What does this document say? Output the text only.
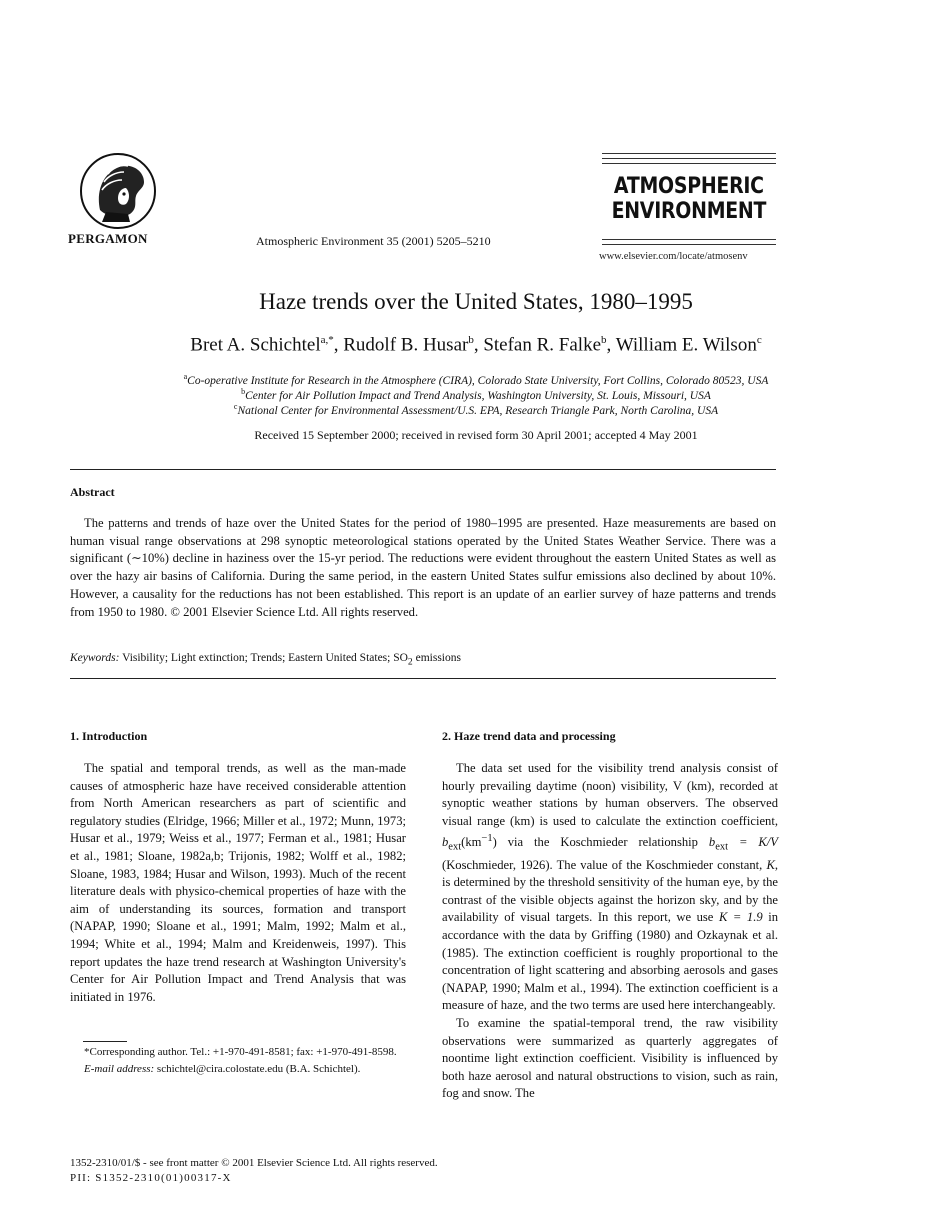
PERGAMON	Atmospheric Environment 35 (2001) 5205–5210
ATMOSPHERIC
ENVIRONMENT
www.elsevier.com/locate/atmosenv
Haze trends over the United States, 1980–1995
Bret A. Schichtel$^{a,*}$, Rudolf B. Husar$^b$, Stefan R. Falke$^b$, William E. Wilson$^c$
$^a$Co-operative Institute for Research in the Atmosphere (CIRA), Colorado State University, Fort Collins, Colorado 80523, USA
$^b$Center for Air Pollution Impact and Trend Analysis, Washington University, St. Louis, Missouri, USA
$^c$National Center for Environmental Assessment/U.S. EPA, Research Triangle Park, North Carolina, USA
Received 15 September 2000; received in revised form 30 April 2001; accepted 4 May 2001
Abstract
The patterns and trends of haze over the United States for the period of 1980–1995 are presented. Haze measurements are based on human visual range observations at 298 synoptic meteorological stations operated by the United States Weather Service. There was a significant (∼10%) decline in haziness over the 15-yr period. The reductions were evident throughout the eastern United States as well as over the hazy air basins of California. During the same period, in the eastern United States sulfur emissions also declined by about 10%. However, a causality for the reductions has not been established. This report is an update of an earlier survey of haze patterns and trends from 1950 to 1980. © 2001 Elsevier Science Ltd. All rights reserved.
Keywords: Visibility; Light extinction; Trends; Eastern United States; $SO_2$ emissions
1. Introduction

The spatial and temporal trends, as well as the man-made causes of atmospheric haze have received considerable attention from North American researchers as part of scientific and regulatory studies (Elridge, 1966; Miller et al., 1972; Munn, 1973; Husar et al., 1979; Weiss et al., 1977; Ferman et al., 1981; Husar et al., 1981; Sloane, 1982a,b; Trijonis, 1982; Wolff et al., 1982; Sloane, 1983, 1984; Husar and Wilson, 1993). Much of the recent literature deals with physico-chemical properties of haze with the aim of understanding its sources, formation and transport (NAPAP, 1990; Sloane et al., 1991; Malm, 1992; Malm et al., 1994; White et al., 1994; Malm and Kreidenweis, 1997). This report updates the haze trend research at Washington University's Center for Air Pollution Impact and Trend Analysis that was initiated in 1976.

*Corresponding author. Tel.: +1-970-491-8581; fax: +1-970-491-8598.

E-mail address: schichtel@cira.colostate.edu (B.A. Schichtel).

2. Haze trend data and processing

The data set used for the visibility trend analysis consist of hourly prevailing daytime (noon) visibility, V (km), recorded at synoptic weather stations by human observers. The observed visual range (km) is used to calculate the extinction coefficient, $b_{ext}(km^{-1})$ via the Koschmieder relationship $b_{ext} = K/V$ (Koschmieder, 1926). The value of the Koschmieder constant, K, is determined by the threshold sensitivity of the human eye, by the contrast of the visible objects against the horizon sky, and by the availability of visual targets. In this report, we use K = 1.9 in accordance with the data by Griffing (1980) and Ozkaynak et al. (1985). The extinction coefficient is roughly proportional to the concentration of light scattering and absorbing aerosols and gases (NAPAP, 1990; Malm et al., 1994). The extinction coefficient is a measure of haze, and the two terms are used here interchangeably.

To examine the spatial-temporal trend, the raw visibility observations were summarized as quarterly aggregates of noontime light extinction coefficient. Visibility is influenced by both haze aerosol and natural obstructions to vision, such as rain, fog and snow. The

1352-2310/01/$ - see front matter © 2001 Elsevier Science Ltd. All rights reserved.
PII: S1352-2310(01)00317-X
